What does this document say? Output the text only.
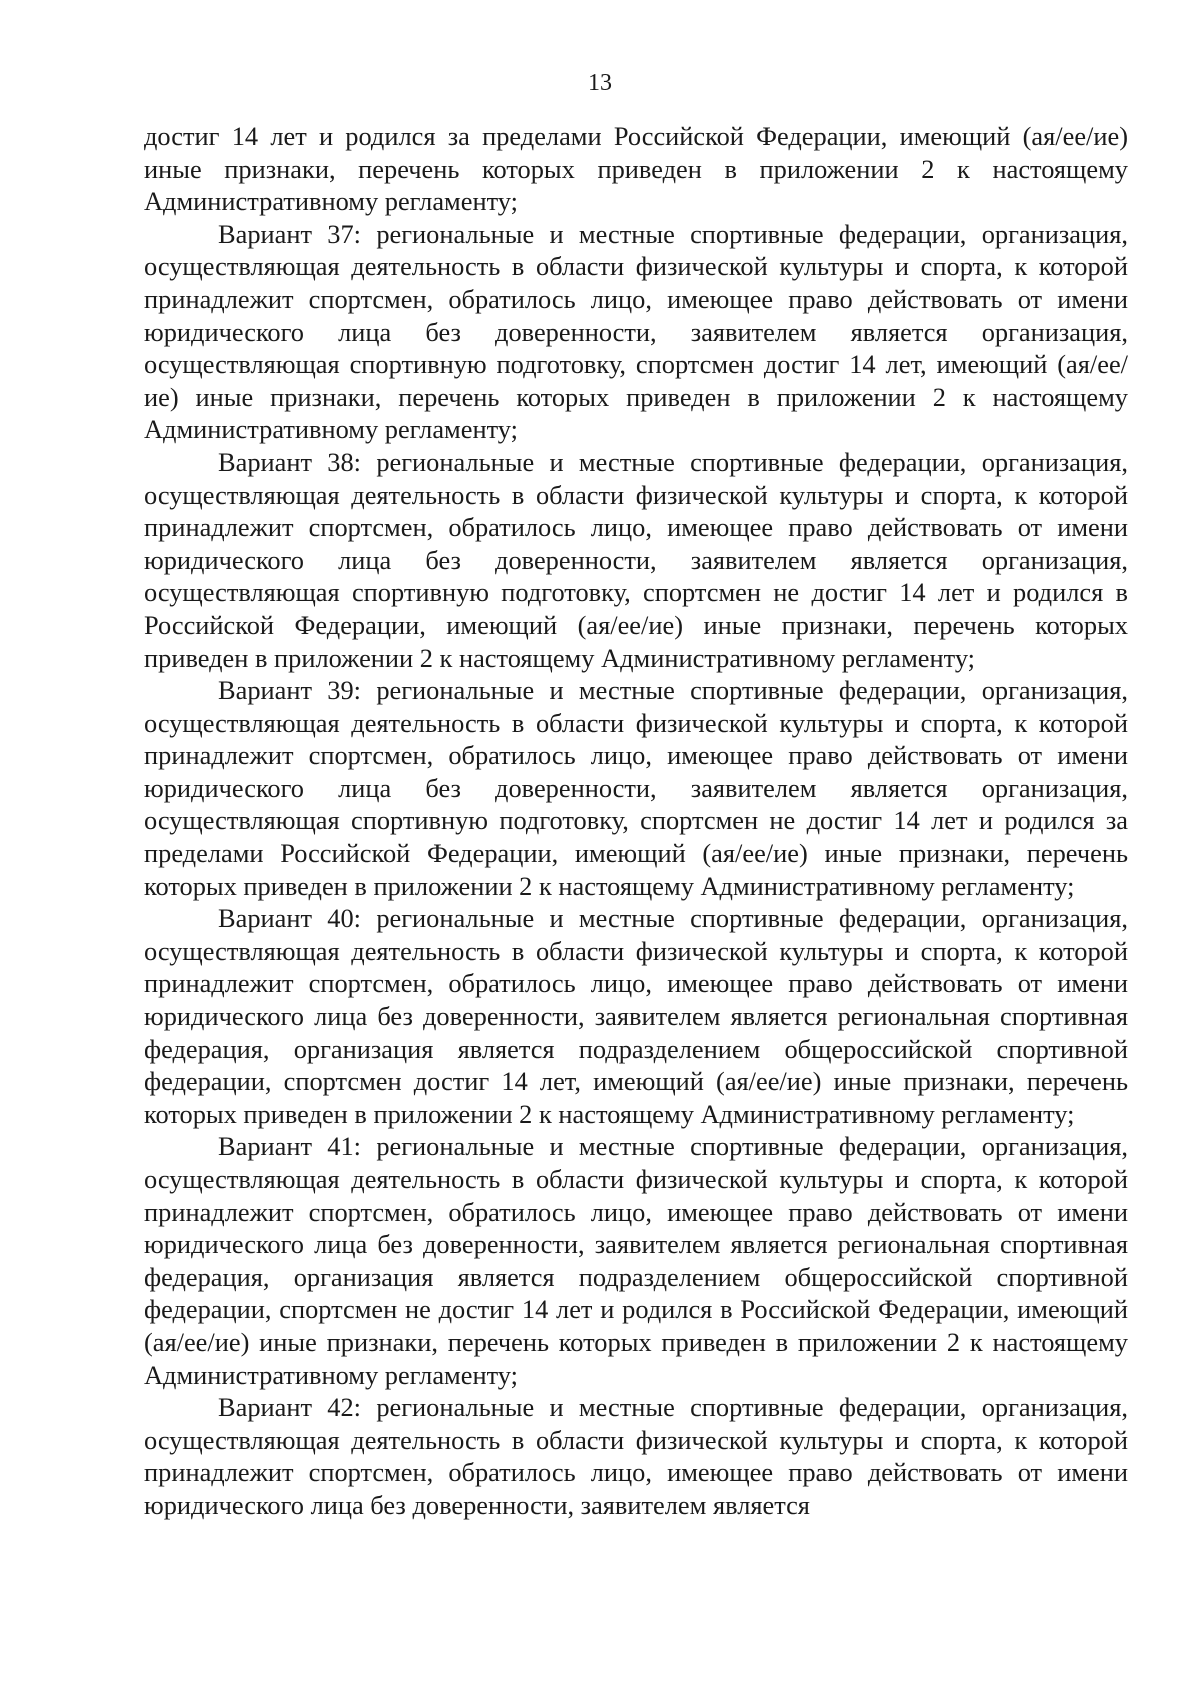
13

достиг 14 лет и родился за пределами Российской Федерации, имеющий (ая/ее/ие) иные признаки, перечень которых приведен в приложении 2 к настоящему Административному регламенту;

Вариант 37: региональные и местные спортивные федерации, организация, осуществляющая деятельность в области физической культуры и спорта, к которой принадлежит спортсмен, обратилось лицо, имеющее право действовать от имени юридического лица без доверенности, заявителем является организация, осуществляющая спортивную подготовку, спортсмен достиг 14 лет, имеющий (ая/ее/ие) иные признаки, перечень которых приведен в приложении 2 к настоящему Административному регламенту;

Вариант 38: региональные и местные спортивные федерации, организация, осуществляющая деятельность в области физической культуры и спорта, к которой принадлежит спортсмен, обратилось лицо, имеющее право действовать от имени юридического лица без доверенности, заявителем является организация, осуществляющая спортивную подготовку, спортсмен не достиг 14 лет и родился в Российской Федерации, имеющий (ая/ее/ие) иные признаки, перечень которых приведен в приложении 2 к настоящему Административному регламенту;

Вариант 39: региональные и местные спортивные федерации, организация, осуществляющая деятельность в области физической культуры и спорта, к которой принадлежит спортсмен, обратилось лицо, имеющее право действовать от имени юридического лица без доверенности, заявителем является организация, осуществляющая спортивную подготовку, спортсмен не достиг 14 лет и родился за пределами Российской Федерации, имеющий (ая/ее/ие) иные признаки, перечень которых приведен в приложении 2 к настоящему Административному регламенту;

Вариант 40: региональные и местные спортивные федерации, организация, осуществляющая деятельность в области физической культуры и спорта, к которой принадлежит спортсмен, обратилось лицо, имеющее право действовать от имени юридического лица без доверенности, заявителем является региональная спортивная федерация, организация является подразделением общероссийской спортивной федерации, спортсмен достиг 14 лет, имеющий (ая/ее/ие) иные признаки, перечень которых приведен в приложении 2 к настоящему Административному регламенту;

Вариант 41: региональные и местные спортивные федерации, организация, осуществляющая деятельность в области физической культуры и спорта, к которой принадлежит спортсмен, обратилось лицо, имеющее право действовать от имени юридического лица без доверенности, заявителем является региональная спортивная федерация, организация является подразделением общероссийской спортивной федерации, спортсмен не достиг 14 лет и родился в Российской Федерации, имеющий (ая/ее/ие) иные признаки, перечень которых приведен в приложении 2 к настоящему Административному регламенту;

Вариант 42: региональные и местные спортивные федерации, организация, осуществляющая деятельность в области физической культуры и спорта, к которой принадлежит спортсмен, обратилось лицо, имеющее право действовать от имени юридического лица без доверенности, заявителем является
